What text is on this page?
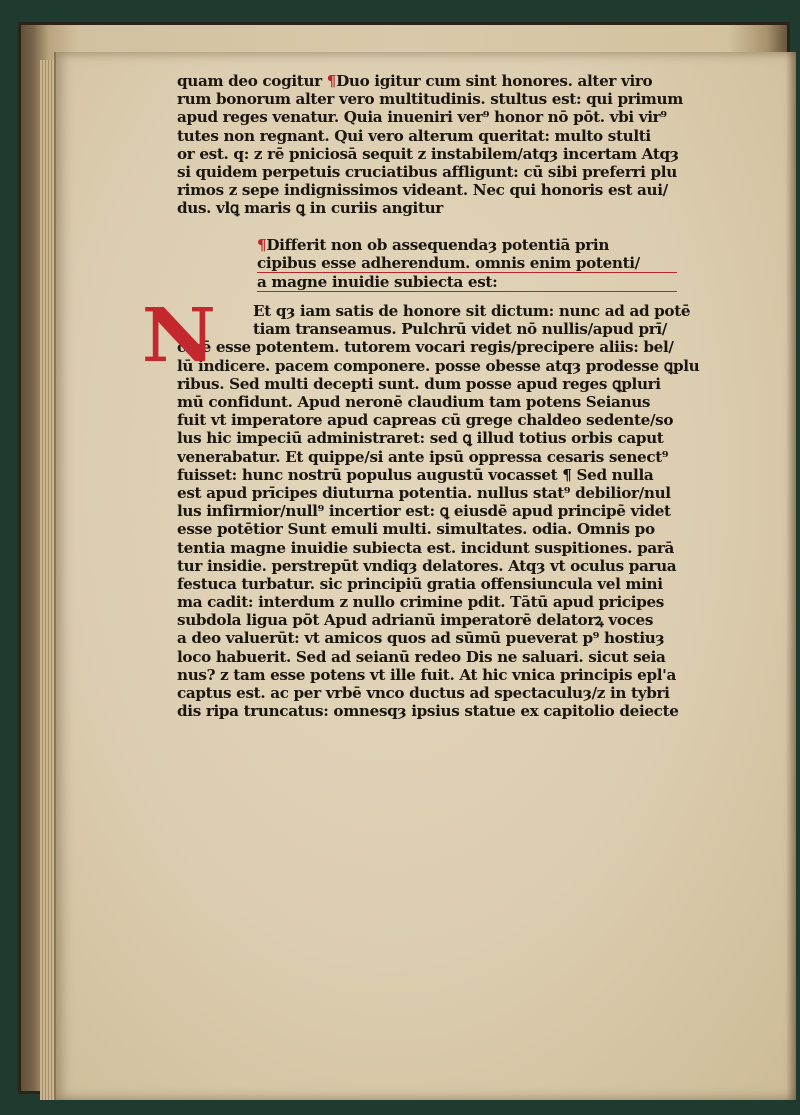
quam deo cogitur ¶Duo igitur cum sint honores. alter viro
rum bonorum alter vero multitudinis. stultus est: qui primum
apud reges venatur. Quia inueniri ver⁹ honor nō pōt. vbi vir⁹
tutes non regnant. Qui vero alterum queritat: multo stulti
or est. q: z rē pniciosā sequit z instabilem/atqȝ incertam Atqȝ
si quidem perpetuis cruciatibus affligunt: cū sibi preferri plu
rimos z sepe indignissimos videant. Nec qui honoris est aui/
dus. vlꝗ maris ꝗ in curiis angitur
¶Differit non ob assequendaȝ potentiā prin
cipibus esse adherendum. omnis enim potenti/
a magne inuidie subiecta est:
N	Et qȝ iam satis de honore sit dictum: nunc ad ad potē
tiam transeamus. Pulchrū videt nō nullis/apud prī/
cipē esse potentem. tutorem vocari regis/precipere aliis: bel/
lū indicere. pacem componere. posse obesse atqȝ prodesse ꝗplu
ribus. Sed multi decepti sunt. dum posse apud reges ꝗpluri
mū confidunt. Apud neronē claudium tam potens Seianus
fuit vt imperatore apud capreas cū grege chaldeo sedente/so
lus hic impeciū administraret: sed ꝗ illud totius orbis caput
venerabatur. Et quippe/si ante ipsū oppressa cesaris senect⁹
fuisset: hunc nostrū populus augustū vocasset ¶ Sed nulla
est apud prīcipes diuturna potentia. nullus stat⁹ debilior/nul
lus infirmior/null⁹ incertior est: ꝗ eiusdē apud principē videt
esse potētior Sunt emuli multi. simultates. odia. Omnis po
tentia magne inuidie subiecta est. incidunt suspitiones. parā
tur insidie. perstrepūt vndiqȝ delatores. Atqȝ vt oculus parua
festuca turbatur. sic principiū gratia offensiuncula vel mini
ma cadit: interdum z nullo crimine pdit. Tātū apud pricipes
subdola ligua pōt Apud adrianū imperatorē delatorꝝ voces
a deo valuerūt: vt amicos quos ad sūmū pueverat p⁹ hostiuȝ
loco habuerit. Sed ad seianū redeo Dis ne saluari. sicut seia
nus? z tam esse potens vt ille fuit. At hic vnica principis epl'a
captus est. ac per vrbē vnco ductus ad spectaculuȝ/z in tybri
dis ripa truncatus: omnesqȝ ipsius statue ex capitolio deiecte
